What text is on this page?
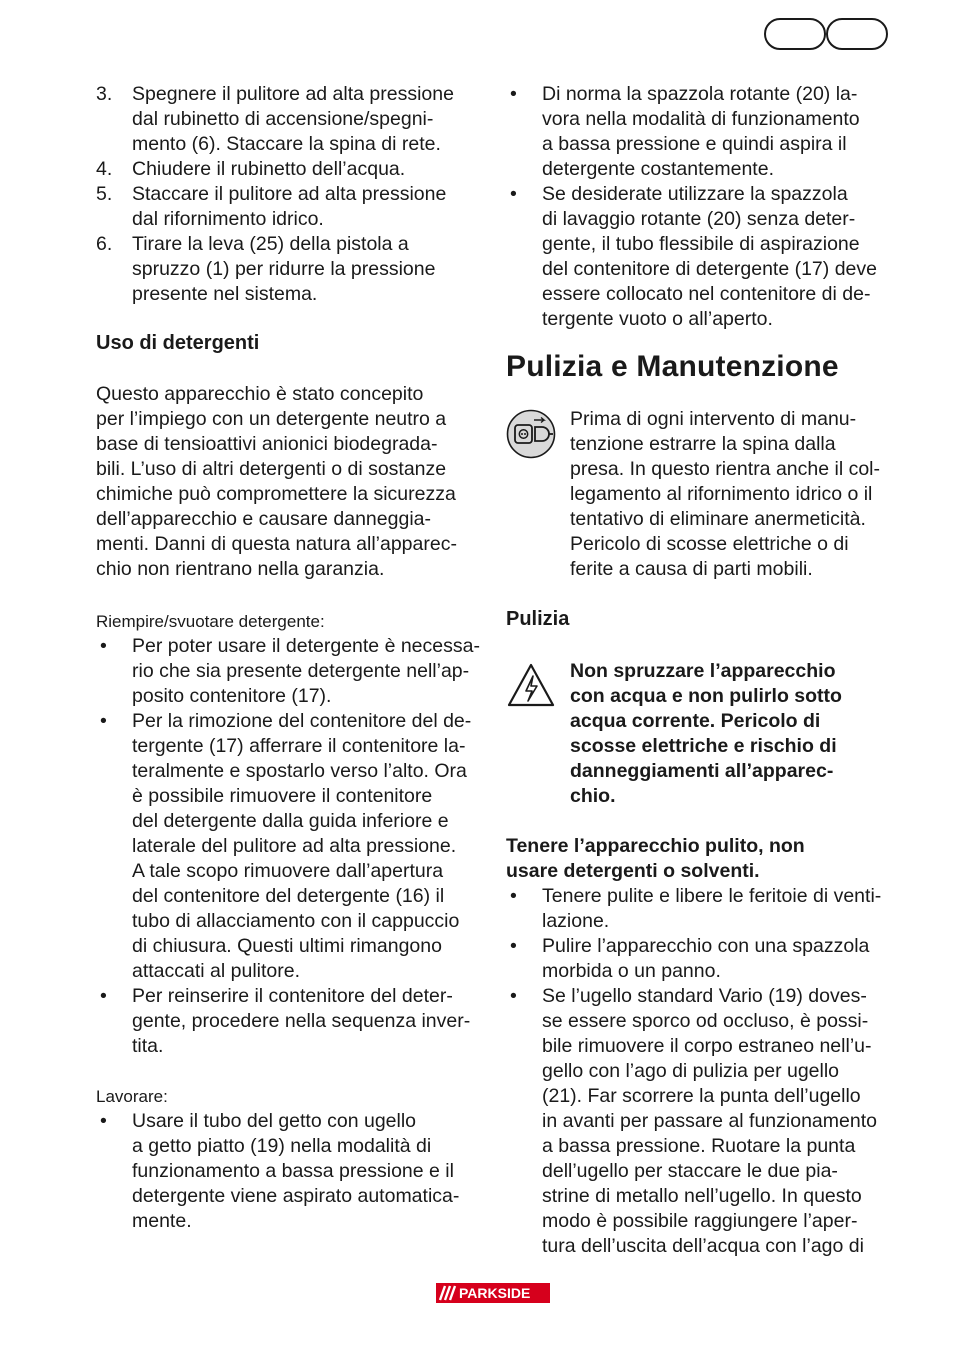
3. Spegnere il pulitore ad alta pressione
dal rubinetto di accensione/spegni-
mento (6). Staccare la spina di rete.
4. Chiudere il rubinetto dell’acqua.
5. Staccare il pulitore ad alta pressione
dal rifornimento idrico.
6. Tirare la leva (25) della pistola a
spruzzo (1) per ridurre la pressione
presente nel sistema.
Uso di detergenti

Questo apparecchio è stato concepito
per l’impiego con un detergente neutro a
base di tensioattivi anionici biodegrada-
bili. L’uso di altri detergenti o di sostanze
chimiche può compromettere la sicurezza
dell’apparecchio e causare danneggia-
menti. Danni di questa natura all’apparec-
chio non rientrano nella garanzia.

Riempire/svuotare detergente:

• Per poter usare il detergente è necessa-
rio che sia presente detergente nell’ap-
posito contenitore (17).
• Per la rimozione del contenitore del de-
tergente (17) afferrare il contenitore la-
teralmente e spostarlo verso l’alto. Ora
è possibile rimuovere il contenitore
del detergente dalla guida inferiore e
laterale del pulitore ad alta pressione.
A tale scopo rimuovere dall’apertura
del contenitore del detergente (16) il
tubo di allacciamento con il cappuccio
di chiusura. Questi ultimi rimangono
attaccati al pulitore.
• Per reinserire il contenitore del deter-
gente, procedere nella sequenza inver-
tita.

Lavorare:

• Usare il tubo del getto con ugello
a getto piatto (19) nella modalità di
funzionamento a bassa pressione e il
detergente viene aspirato automatica-
mente.
• Di norma la spazzola rotante (20) la-
vora nella modalità di funzionamento
a bassa pressione e quindi aspira il
detergente costantemente.
• Se desiderate utilizzare la spazzola
di lavaggio rotante (20) senza deter-
gente, il tubo flessibile di aspirazione
del contenitore di detergente (17) deve
essere collocato nel contenitore di de-
tergente vuoto o all’aperto.
Pulizia e Manutenzione

Prima di ogni intervento di manu-
tenzione estrarre la spina dalla
presa. In questo rientra anche il col-
legamento al rifornimento idrico o il
tentativo di eliminare anermeticità.
Pericolo di scosse elettriche o di
ferite a causa di parti mobili.

Pulizia

Non spruzzare l’apparecchio
con acqua e non pulirlo sotto
acqua corrente. Pericolo di
scosse elettriche e rischio di
danneggiamenti all’apparec-
chio.

Tenere l’apparecchio pulito, non
usare detergenti o solventi.

• Tenere pulite e libere le feritoie di venti-
lazione.
• Pulire l’apparecchio con una spazzola
morbida o un panno.
• Se l’ugello standard Vario (19) doves-
se essere sporco od occluso, è possi-
bile rimuovere il corpo estraneo nell’u-
gello con l’ago di pulizia per ugello
(21). Far scorrere la punta dell’ugello
in avanti per passare al funzionamento
a bassa pressione. Ruotare la punta
dell’ugello per staccare le due pia-
strine di metallo nell’ugello. In questo
modo è possibile raggiungere l’aper-
tura dell’uscita dell’acqua con l’ago di
PARKSIDE
